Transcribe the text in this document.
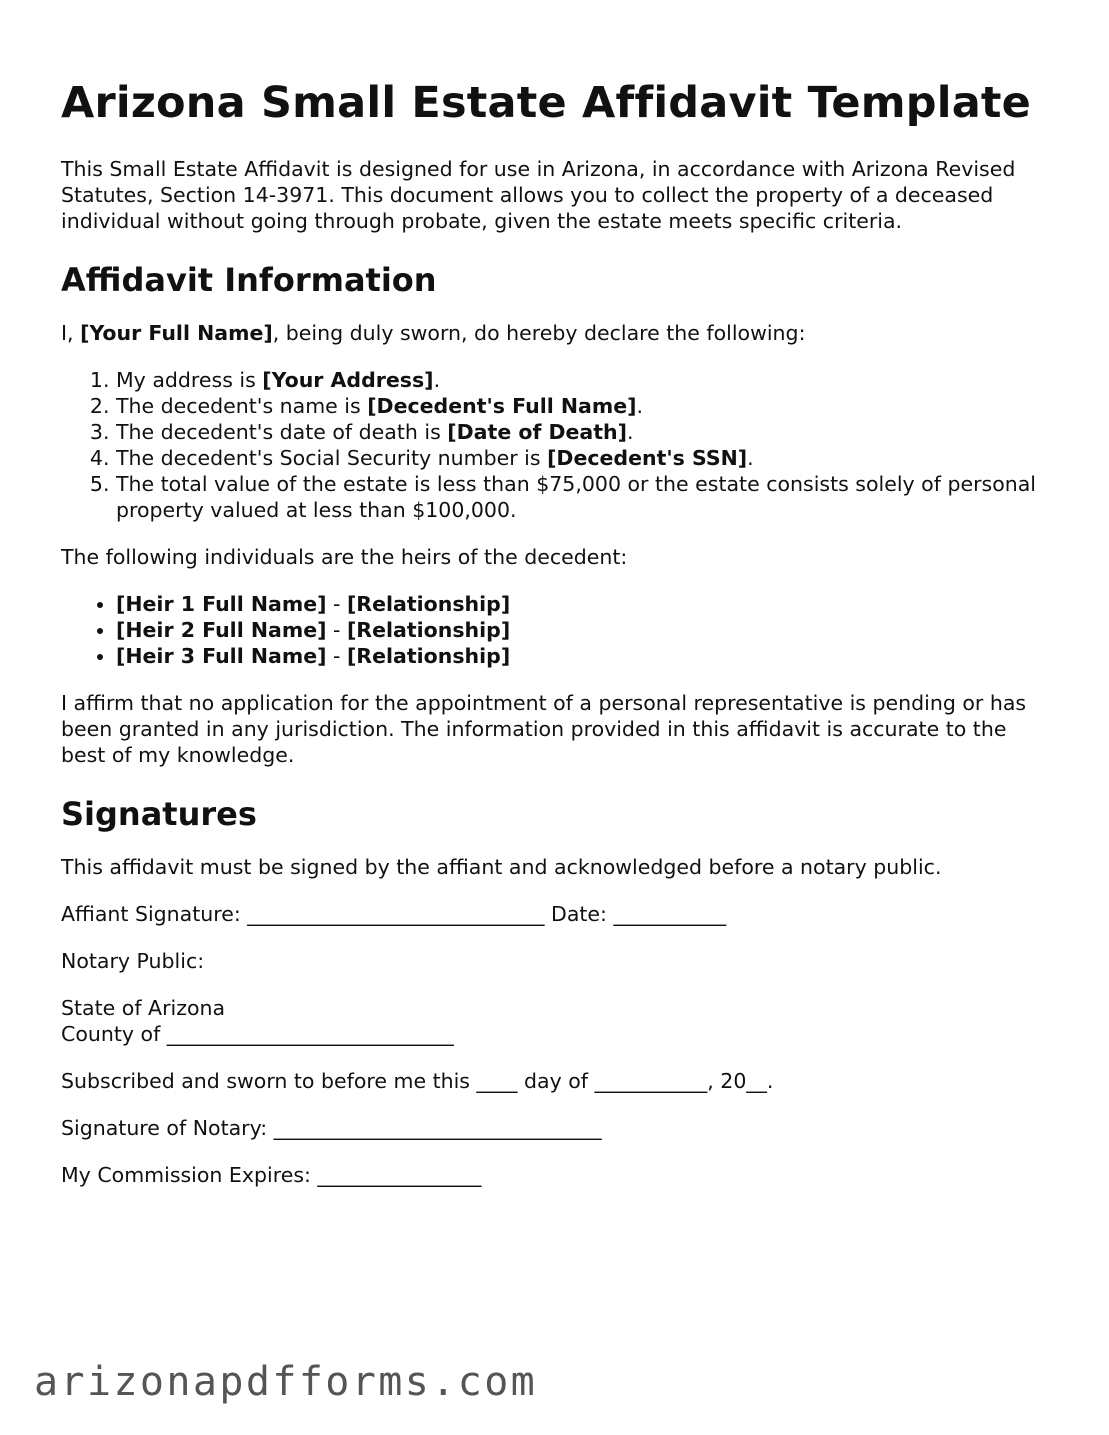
Arizona Small Estate Affidavit Template

This Small Estate Affidavit is designed for use in Arizona, in accordance with Arizona Revised Statutes, Section 14-3971. This document allows you to collect the property of a deceased individual without going through probate, given the estate meets specific criteria.

Affidavit Information

I, [Your Full Name], being duly sworn, do hereby declare the following:

1. My address is [Your Address].
2. The decedent's name is [Decedent's Full Name].
3. The decedent's date of death is [Date of Death].
4. The decedent's Social Security number is [Decedent's SSN].
5. The total value of the estate is less than $75,000 or the estate consists solely of personal property valued at less than $100,000.

The following individuals are the heirs of the decedent:

• [Heir 1 Full Name] - [Relationship]
• [Heir 2 Full Name] - [Relationship]
• [Heir 3 Full Name] - [Relationship]

I affirm that no application for the appointment of a personal representative is pending or has been granted in any jurisdiction. The information provided in this affidavit is accurate to the best of my knowledge.

Signatures

This affidavit must be signed by the affiant and acknowledged before a notary public.

Affiant Signature: _____________________________ Date: ___________

Notary Public:

State of Arizona
County of ____________________________

Subscribed and sworn to before me this ____ day of ___________, 20__.

Signature of Notary: ________________________________

My Commission Expires: ________________

arizonapdfforms.com
